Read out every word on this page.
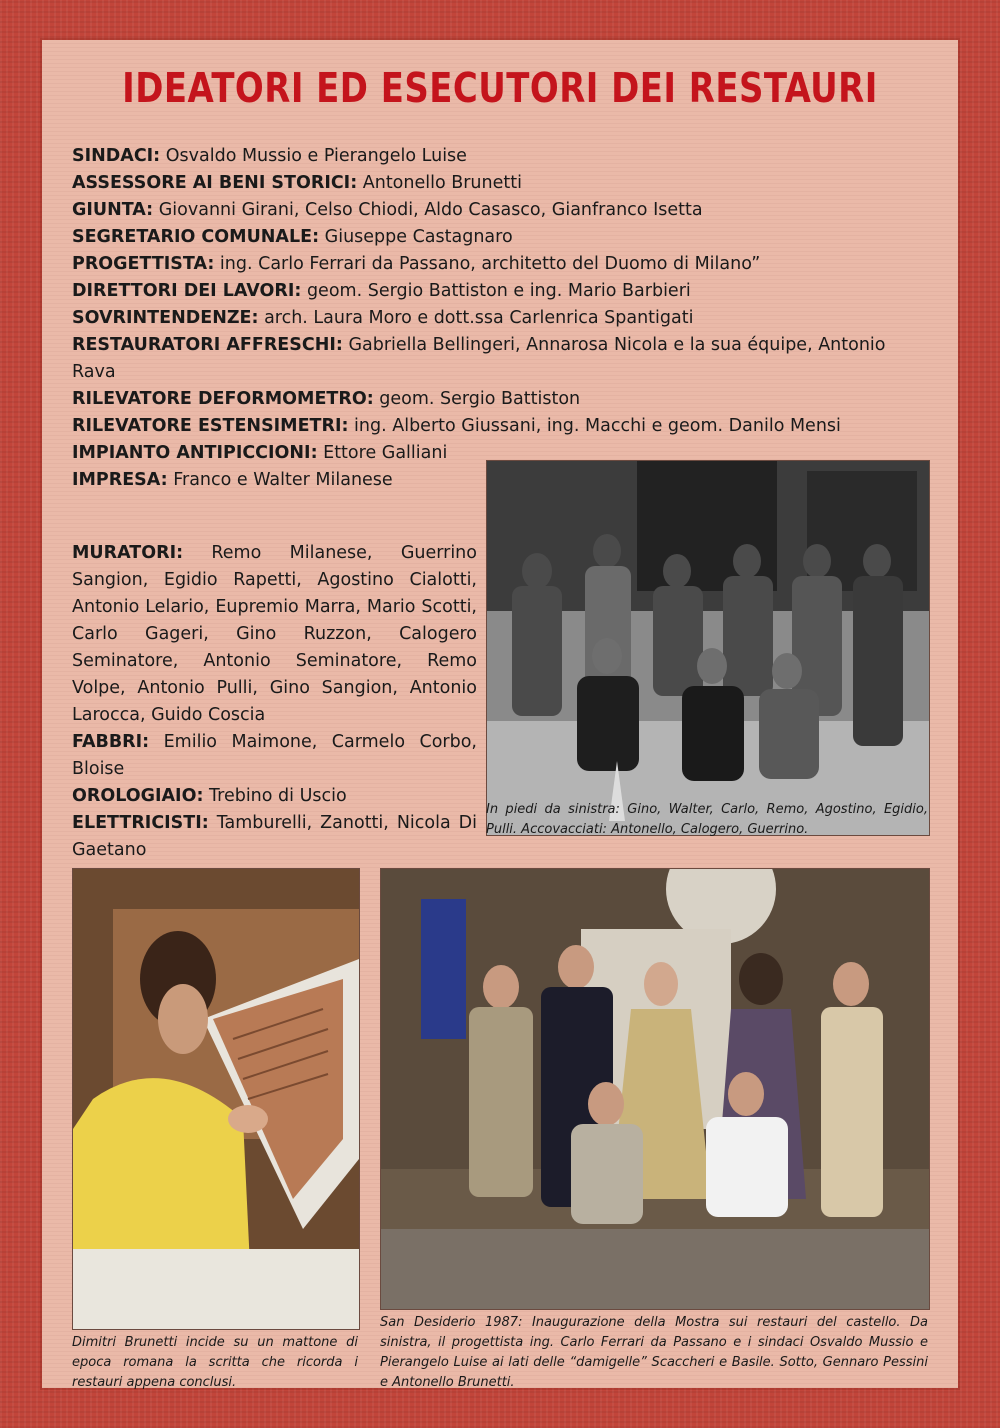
IDEATORI ED ESECUTORI DEI RESTAURI
SINDACI: Osvaldo Mussio e Pierangelo Luise
ASSESSORE AI BENI STORICI: Antonello Brunetti
GIUNTA: Giovanni Girani, Celso Chiodi, Aldo Casasco, Gianfranco Isetta
SEGRETARIO COMUNALE: Giuseppe Castagnaro
PROGETTISTA: ing. Carlo Ferrari da Passano, architetto del Duomo di Milano”
DIRETTORI DEI LAVORI: geom. Sergio Battiston e ing. Mario Barbieri
SOVRINTENDENZE: arch. Laura Moro e dott.ssa Carlenrica Spantigati
RESTAURATORI AFFRESCHI: Gabriella Bellingeri, Annarosa Nicola e la sua équipe, Antonio Rava
RILEVATORE DEFORMOMETRO: geom. Sergio Battiston
RILEVATORE ESTENSIMETRI: ing. Alberto Giussani, ing. Macchi e geom. Danilo Mensi
IMPIANTO ANTIPICCIONI: Ettore Galliani
IMPRESA: Franco e Walter Milanese
MURATORI: Remo Milanese, Guerrino Sangion, Egidio Rapetti, Agostino Cialotti, Antonio Lelario, Eupremio Marra, Mario Scotti, Carlo Gageri, Gino Ruzzon, Calogero Seminatore, Antonio Seminatore, Remo Volpe, Antonio Pulli, Gino Sangion, Antonio Larocca, Guido Coscia
FABBRI: Emilio Maimone, Carmelo Corbo, Bloise
OROLOGIAIO: Trebino di Uscio
ELETTRICISTI: Tamburelli, Zanotti, Nicola Di Gaetano
In piedi da sinistra: Gino, Walter, Carlo, Remo, Agostino, Egidio, Pulli. Accovacciati: Antonello, Calogero, Guerrino.
Dimitri Brunetti incide su un mattone di epoca romana la scritta che ricorda i restauri appena conclusi.
San Desiderio 1987: Inaugurazione della Mostra sui restauri del castello. Da sinistra, il progettista ing. Carlo Ferrari da Passano e i sindaci Osvaldo Mussio e Pierangelo Luise ai lati delle “damigelle” Scaccheri e Basile. Sotto, Gennaro Pessini e Antonello Brunetti.
